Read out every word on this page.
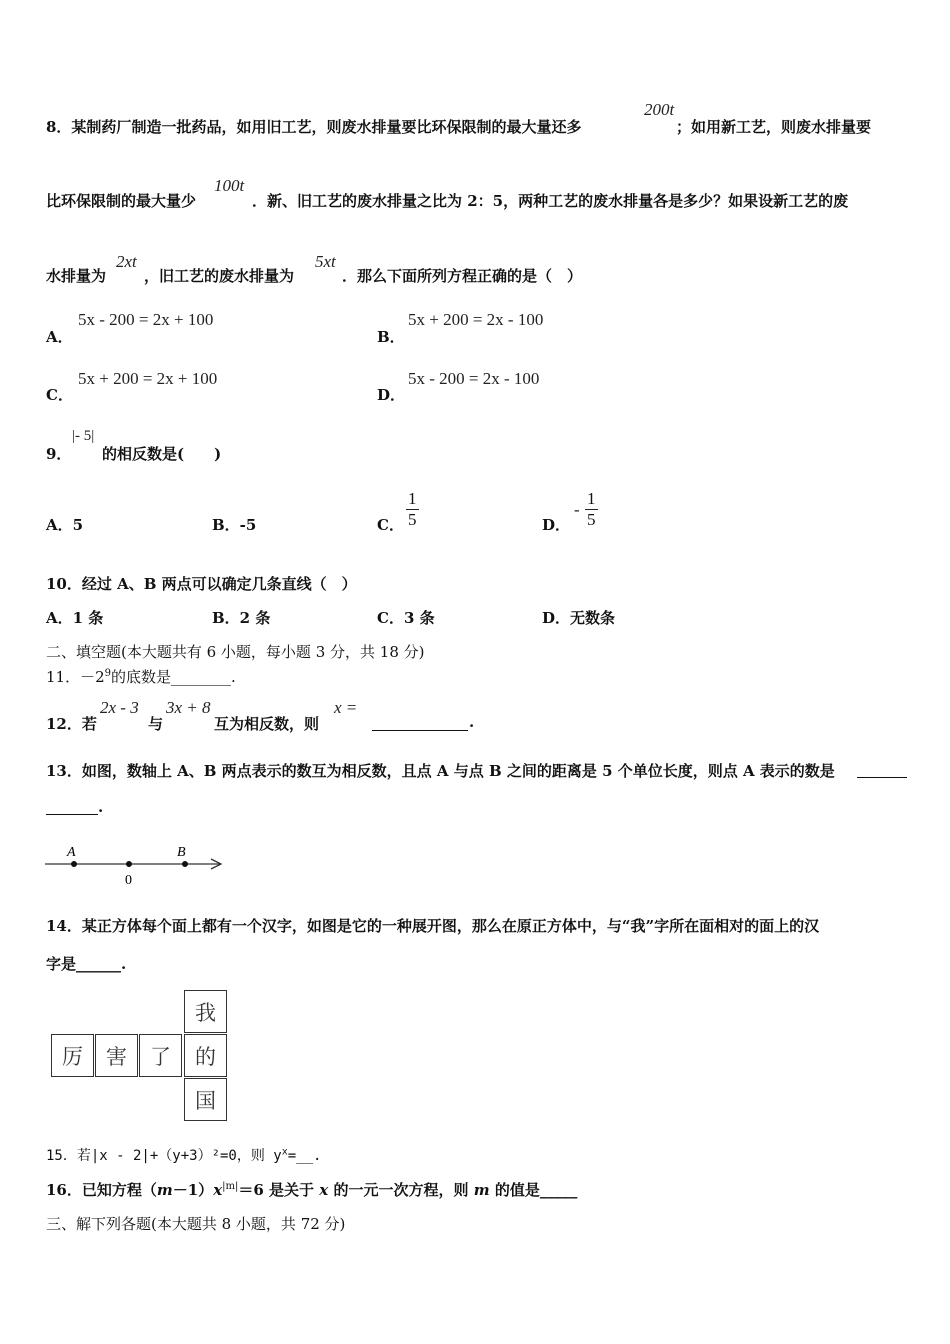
8．某制药厂制造一批药品，如用旧工艺，则废水排量要比环保限制的最大量还多
200t
；如用新工艺，则废水排量要
比环保限制的最大量少
100t
．新、旧工艺的废水排量之比为 2：5，两种工艺的废水排量各是多少？如果设新工艺的废
水排量为
2xt
，旧工艺的废水排量为
5xt
．那么下面所列方程正确的是（　）
A．
5x - 200 = 2x + 100
B．
5x + 200 = 2x - 100
C．
5x + 200 = 2x + 100
D．
5x - 200 = 2x - 100
9．
|- 5|
的相反数是(　　)
A．5	B．-5	C． $\frac{1}{5}$	D．
- $\frac{1}{5}$
10．经过 A、B 两点可以确定几条直线（　）
A．1 条	B．2 条	C．3 条	D．无数条
二、填空题(本大题共有 6 小题，每小题 3 分，共 18 分)
11．$-2^9$的底数是________.
12．若
2x - 3
与
3x + 8
互为相反数，则
x =
.
13．如图，数轴上 A、B 两点表示的数互为相反数，且点 A 与点 B 之间的距离是 5 个单位长度，则点 A 表示的数是
.
A	B
0
14．某正方体每个面上都有一个汉字，如图是它的一种展开图，那么在原正方体中，与“我”字所在面相对的面上的汉
字是______.
我
厉	害	了	的
国
15．若|x - 2|+（y+3）²=0，则 $y^x=\_\_$.
16．已知方程$(m-1)x^{|m|}=6$ 是关于 x 的一元一次方程，则 m 的值是_____
三、解下列各题(本大题共 8 小题，共 72 分)
